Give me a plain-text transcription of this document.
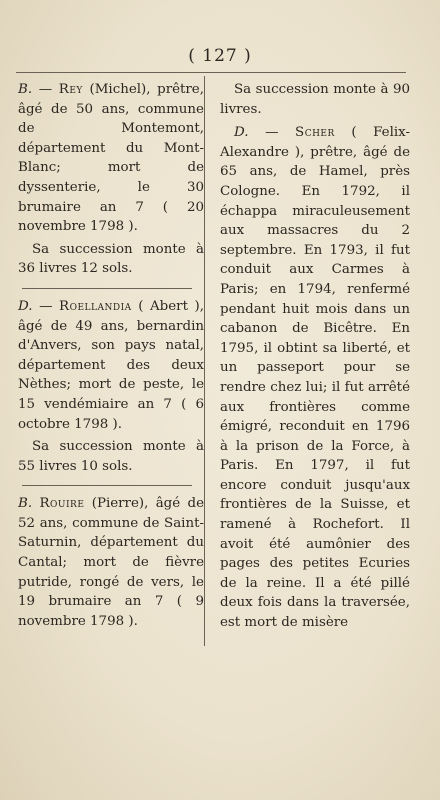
( 127 )

B. — Rey (Michel), prêtre, âgé de 50 ans, commune de Montemont, département du Mont-Blanc; mort de dyssenterie, le 30 brumaire an 7 ( 20 novembre 1798 ).

Sa succession monte à 36 livres 12 sols.

D. — Roellandia ( Abert ), âgé de 49 ans, bernardin d'Anvers, son pays natal, département des deux Nèthes; mort de peste, le 15 vendémiaire an 7 ( 6 octobre 1798 ).

Sa succession monte à 55 livres 10 sols.

B. Rouire (Pierre), âgé de 52 ans, commune de Saint-Saturnin, département du Cantal; mort de fièvre putride, rongé de vers, le 19 brumaire an 7 ( 9 novembre 1798 ).

Sa succession monte à 90 livres.

D. — Scher ( Felix-Alexandre ), prêtre, âgé de 65 ans, de Hamel, près Cologne. En 1792, il échappa miraculeusement aux massacres du 2 septembre. En 1793, il fut conduit aux Carmes à Paris; en 1794, renfermé pendant huit mois dans un cabanon de Bicêtre. En 1795, il obtint sa liberté, et un passeport pour se rendre chez lui; il fut arrêté aux frontières comme émigré, reconduit en 1796 à la prison de la Force, à Paris. En 1797, il fut encore conduit jusqu'aux frontières de la Suisse, et ramené à Rochefort. Il avoit été aumônier des pages des petites Ecuries de la reine. Il a été pillé deux fois dans la traversée, est mort de misère
